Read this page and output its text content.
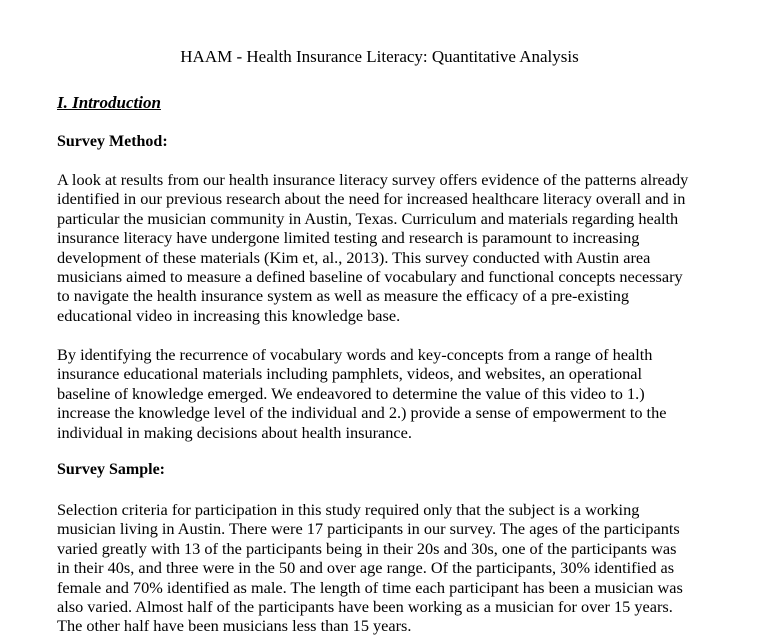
HAAM - Health Insurance Literacy: Quantitative Analysis
I. Introduction
Survey Method:

A look at results from our health insurance literacy survey offers evidence of the patterns already
identified in our previous research about the need for increased healthcare literacy overall and in
particular the musician community in Austin, Texas. Curriculum and materials regarding health
insurance literacy have undergone limited testing and research is paramount to increasing
development of these materials (Kim et, al., 2013). This survey conducted with Austin area
musicians aimed to measure a defined baseline of vocabulary and functional concepts necessary
to navigate the health insurance system as well as measure the efficacy of a pre-existing
educational video in increasing this knowledge base.

By identifying the recurrence of vocabulary words and key-concepts from a range of health
insurance educational materials including pamphlets, videos, and websites, an operational
baseline of knowledge emerged. We endeavored to determine the value of this video to 1.)
increase the knowledge level of the individual and 2.) provide a sense of empowerment to the
individual in making decisions about health insurance.

Survey Sample:

Selection criteria for participation in this study required only that the subject is a working
musician living in Austin. There were 17 participants in our survey. The ages of the participants
varied greatly with 13 of the participants being in their 20s and 30s, one of the participants was
in their 40s, and three were in the 50 and over age range. Of the participants, 30% identified as
female and 70% identified as male. The length of time each participant has been a musician was
also varied. Almost half of the participants have been working as a musician for over 15 years.
The other half have been musicians less than 15 years.
